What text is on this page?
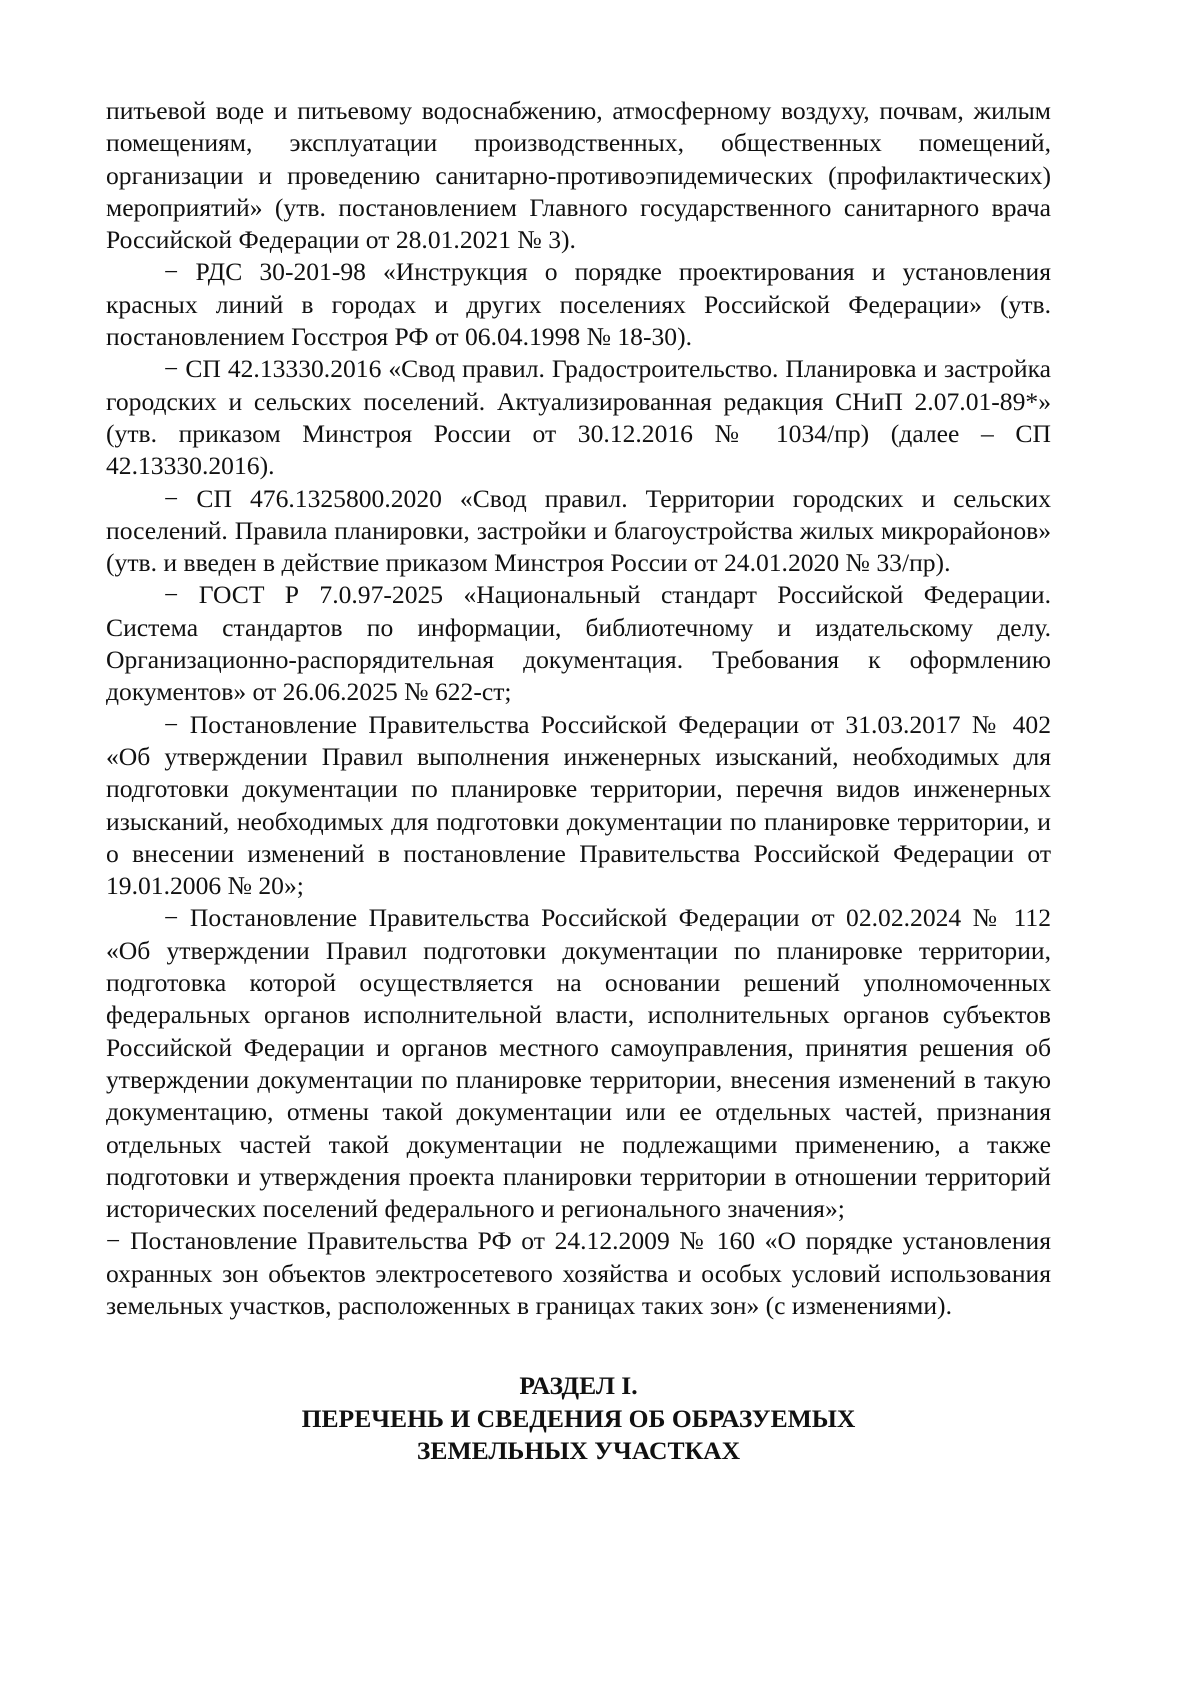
питьевой воде и питьевому водоснабжению, атмосферному воздуху, почвам, жилым помещениям, эксплуатации производственных, общественных помещений, организации и проведению санитарно-противоэпидемических (профилактических) мероприятий» (утв. постановлением Главного государственного санитарного врача Российской Федерации от 28.01.2021 № 3).

− РДС 30-201-98 «Инструкция о порядке проектирования и установления красных линий в городах и других поселениях Российской Федерации» (утв. постановлением Госстроя РФ от 06.04.1998 № 18-30).

− СП 42.13330.2016 «Свод правил. Градостроительство. Планировка и застройка городских и сельских поселений. Актуализированная редакция СНиП 2.07.01-89*» (утв. приказом Минстроя России от 30.12.2016 № 1034/пр) (далее – СП 42.13330.2016).

− СП 476.1325800.2020 «Свод правил. Территории городских и сельских поселений. Правила планировки, застройки и благоустройства жилых микрорайонов» (утв. и введен в действие приказом Минстроя России от 24.01.2020 № 33/пр).

− ГОСТ Р 7.0.97-2025 «Национальный стандарт Российской Федерации. Система стандартов по информации, библиотечному и издательскому делу. Организационно-распорядительная документация. Требования к оформлению документов» от 26.06.2025 № 622-ст;

− Постановление Правительства Российской Федерации от 31.03.2017 № 402 «Об утверждении Правил выполнения инженерных изысканий, необходимых для подготовки документации по планировке территории, перечня видов инженерных изысканий, необходимых для подготовки документации по планировке территории, и о внесении изменений в постановление Правительства Российской Федерации от 19.01.2006 № 20»;

− Постановление Правительства Российской Федерации от 02.02.2024 № 112 «Об утверждении Правил подготовки документации по планировке территории, подготовка которой осуществляется на основании решений уполномоченных федеральных органов исполнительной власти, исполнительных органов субъектов Российской Федерации и органов местного самоуправления, принятия решения об утверждении документации по планировке территории, внесения изменений в такую документацию, отмены такой документации или ее отдельных частей, признания отдельных частей такой документации не подлежащими применению, а также подготовки и утверждения проекта планировки территории в отношении территорий исторических поселений федерального и регионального значения»;

− Постановление Правительства РФ от 24.12.2009 № 160 «О порядке установления охранных зон объектов электросетевого хозяйства и особых условий использования земельных участков, расположенных в границах таких зон» (с изменениями).

РАЗДЕЛ I.
ПЕРЕЧЕНЬ И СВЕДЕНИЯ ОБ ОБРАЗУЕМЫХ
ЗЕМЕЛЬНЫХ УЧАСТКАХ
